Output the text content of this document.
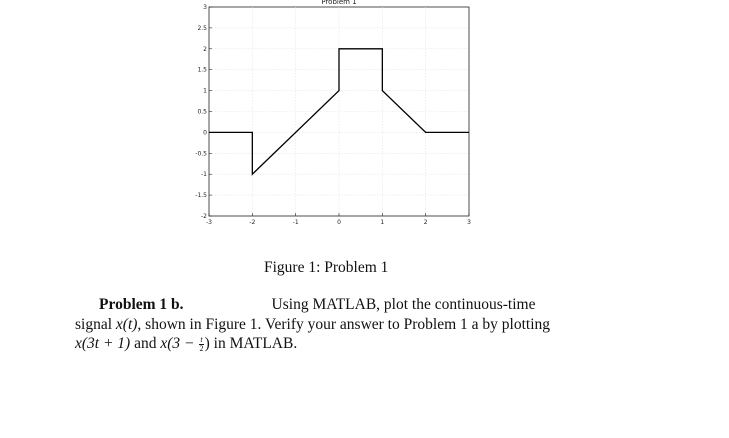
-3	-2	-1	0	1	2	3
3
2.5
2
1.5
1
0.5
0
-0.5
-1
-1.5
-2
Problem 1
Figure 1: Problem 1
Problem 1 b.	Using MATLAB, plot the continuous-time
signal x(t), shown in Figure 1. Verify your answer to Problem 1 a by plotting
x(3t + 1) and $x(3 - \frac{t}{2}$ ) in MATLAB.
